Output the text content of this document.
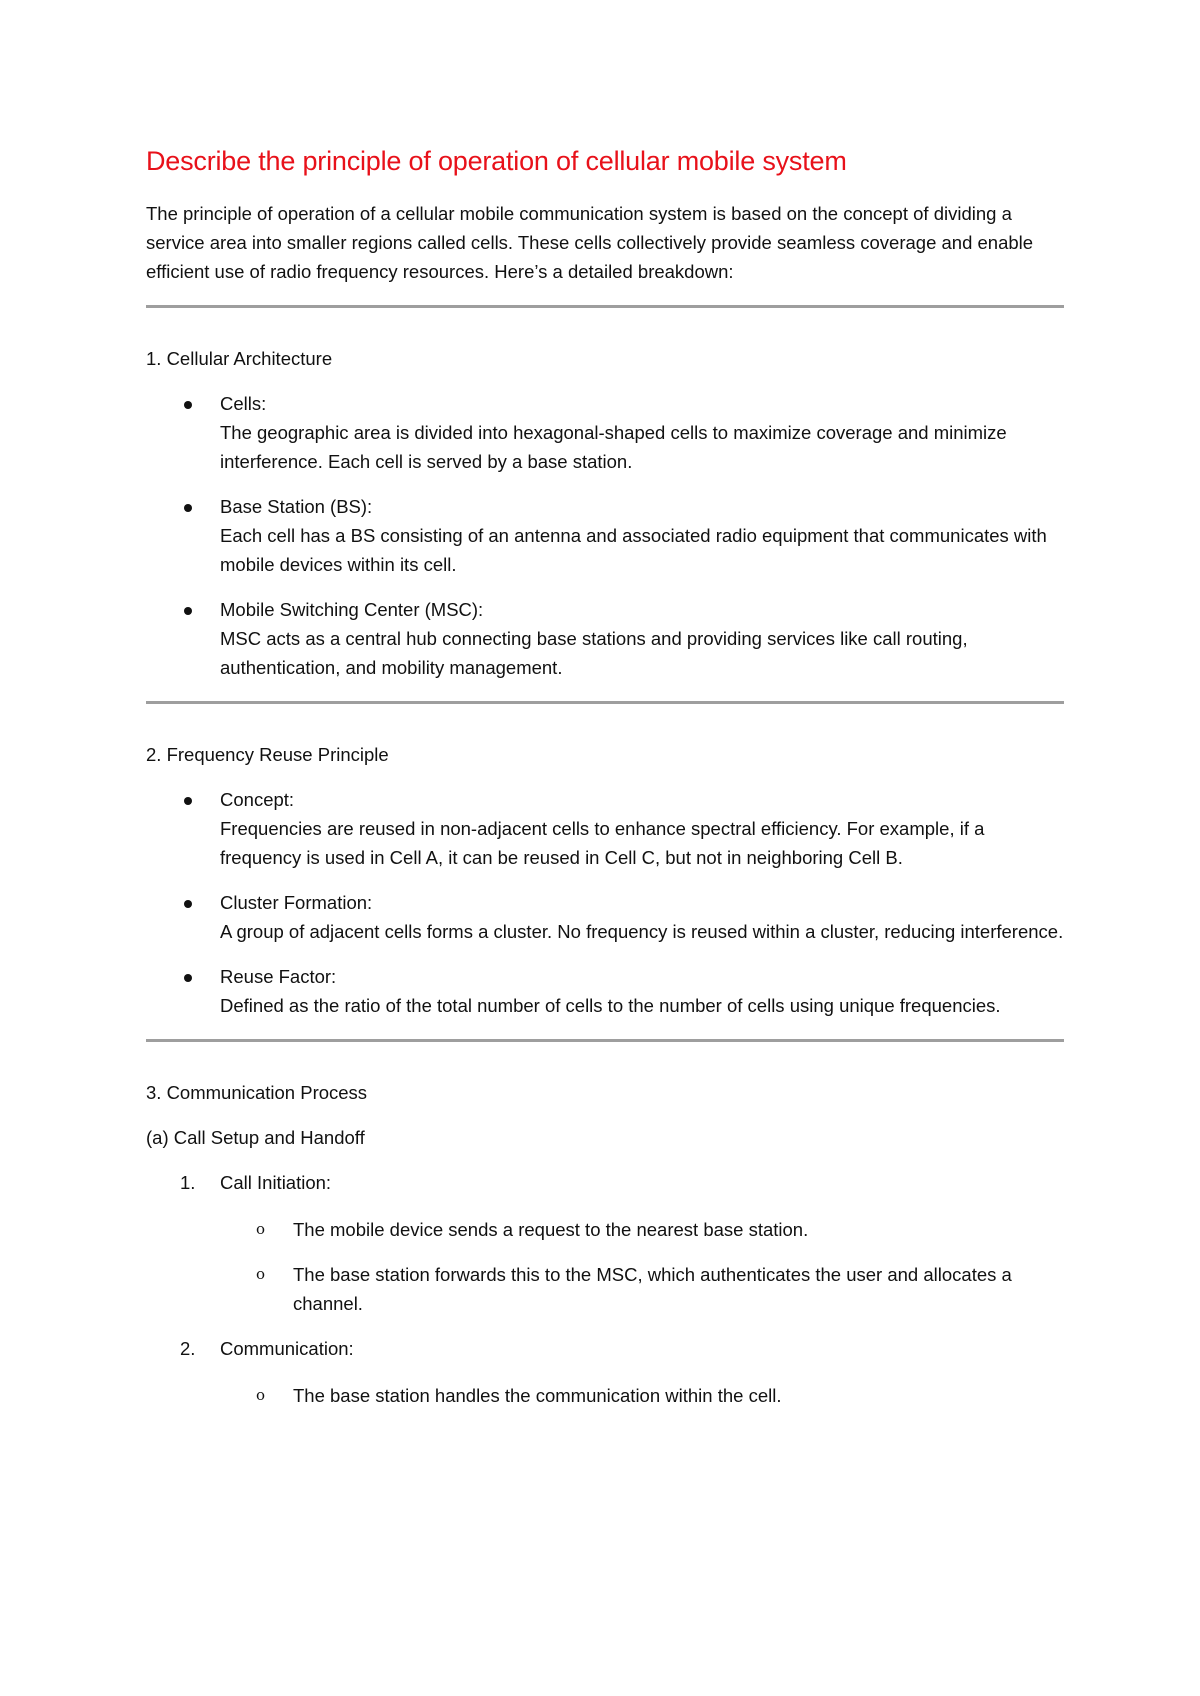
Describe the principle of operation of cellular mobile system

The principle of operation of a cellular mobile communication system is based on the concept of dividing a service area into smaller regions called cells. These cells collectively provide seamless coverage and enable efficient use of radio frequency resources. Here’s a detailed breakdown:

1. Cellular Architecture
Cells:
The geographic area is divided into hexagonal-shaped cells to maximize coverage and minimize interference. Each cell is served by a base station.
Base Station (BS):
Each cell has a BS consisting of an antenna and associated radio equipment that communicates with mobile devices within its cell.
Mobile Switching Center (MSC):
MSC acts as a central hub connecting base stations and providing services like call routing, authentication, and mobility management.
2. Frequency Reuse Principle
Concept:
Frequencies are reused in non-adjacent cells to enhance spectral efficiency. For example, if a frequency is used in Cell A, it can be reused in Cell C, but not in neighboring Cell B.
Cluster Formation:
A group of adjacent cells forms a cluster. No frequency is reused within a cluster, reducing interference.
Reuse Factor:
Defined as the ratio of the total number of cells to the number of cells using unique frequencies.
3. Communication Process
(a) Call Setup and Handoff
1. Call Initiation:
o The mobile device sends a request to the nearest base station.
o The base station forwards this to the MSC, which authenticates the user and allocates a channel.
2. Communication:
o The base station handles the communication within the cell.
